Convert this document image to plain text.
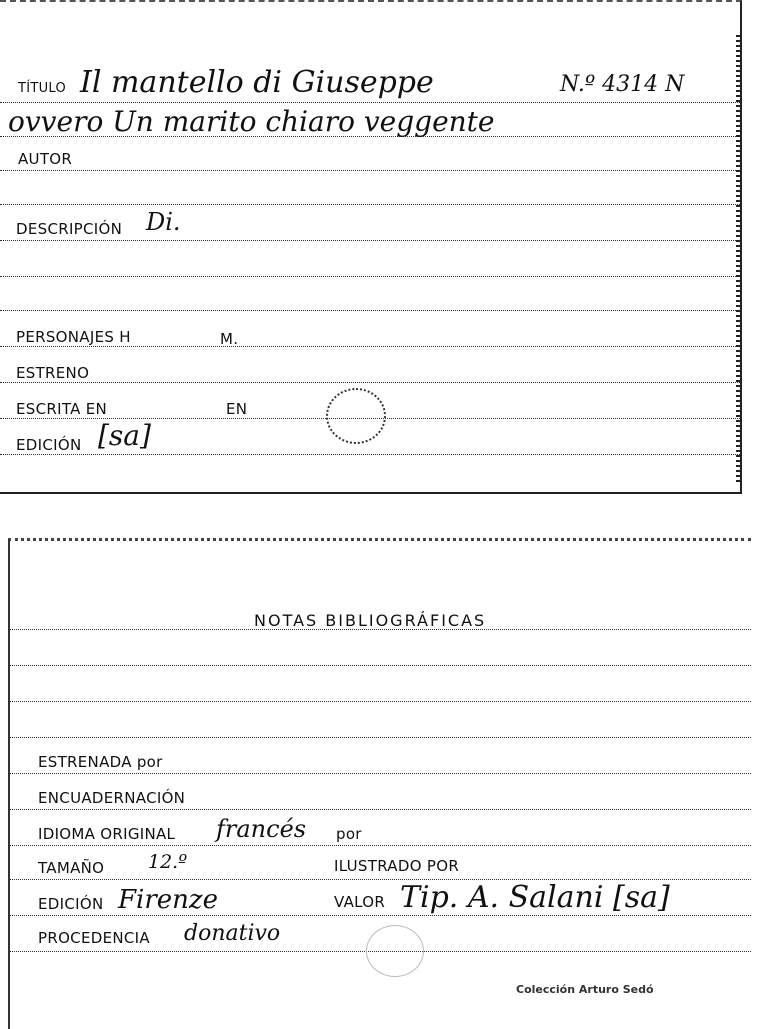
TÍTULO Il mantello di Giuseppe	N.º 4314 N
ovvero Un marito chiaro veggente
AUTOR
DESCRIPCIÓN Di.
PERSONAJES H	M.
ESTRENO
ESCRITA EN	EN
EDICIÓN [sa]
NOTAS BIBLIOGRÁFICAS
ESTRENADA por
ENCUADERNACIÓN
IDIOMA ORIGINAL francés por
TAMAÑO 12.º	ILUSTRADO POR
EDICIÓN Firenze	VALOR Tip. A. Salani [sa]
PROCEDENCIA donativo
Colección Arturo Sedó
